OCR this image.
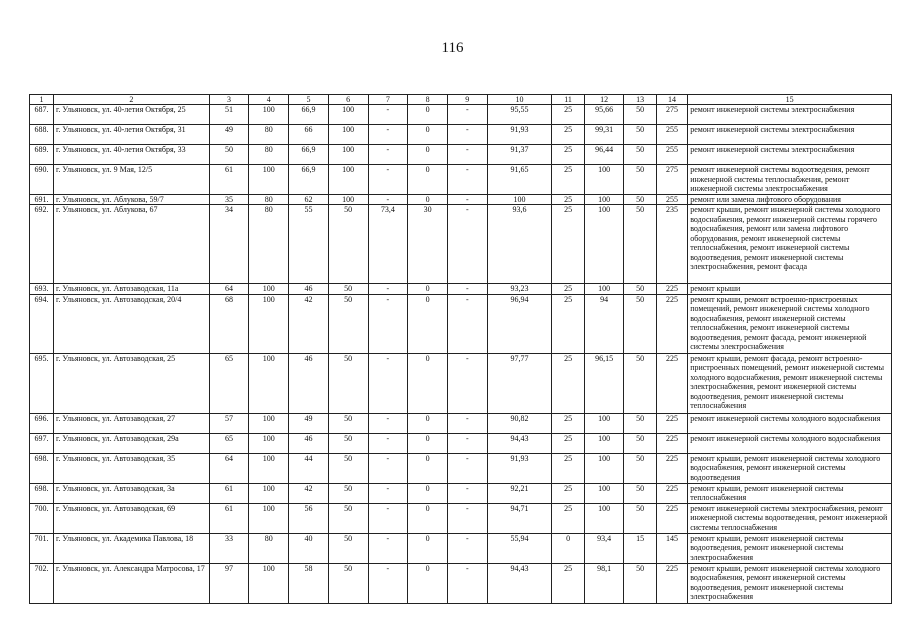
116
1	2	3	4	5	6	7	8	9	10	11	12	13	14	15
687.	г. Ульяновск, ул. 40-летия Октября, 25	51	100	66,9	100	-	0	-	95,55	25	95,66	50	275	ремонт инженерной системы электроснабжения
688.	г. Ульяновск, ул. 40-летия Октября, 31	49	80	66	100	-	0	-	91,93	25	99,31	50	255	ремонт инженерной системы электроснабжения
689.	г. Ульяновск, ул. 40-летия Октября, 33	50	80	66,9	100	-	0	-	91,37	25	96,44	50	255	ремонт инженерной системы электроснабжения
690.	г. Ульяновск, ул. 9 Мая, 12/5	61	100	66,9	100	-	0	-	91,65	25	100	50	275	ремонт инженерной системы водоотведения, ремонт инженерной системы теплоснабжения, ремонт инженерной системы электроснабжения
691.	г. Ульяновск, ул. Аблукова, 59/7	35	80	62	100	-	0	-	100	25	100	50	255	ремонт или замена лифтового оборудования
692.	г. Ульяновск, ул. Аблукова, 67	34	80	55	50	73,4	30	-	93,6	25	100	50	235	ремонт крыши, ремонт инженерной системы холодного водоснабжения, ремонт инженерной системы горячего водоснабжения, ремонт или замена лифтового оборудования, ремонт инженерной системы теплоснабжения, ремонт инженерной системы водоотведения, ремонт инженерной системы электроснабжения, ремонт фасада
693.	г. Ульяновск, ул. Автозаводская, 11а	64	100	46	50	-	0	-	93,23	25	100	50	225	ремонт крыши
694.	г. Ульяновск, ул. Автозаводская, 20/4	68	100	42	50	-	0	-	96,94	25	94	50	225	ремонт крыши, ремонт встроенно-пристроенных помещений, ремонт инженерной системы холодного водоснабжения, ремонт инженерной системы теплоснабжения, ремонт инженерной системы водоотведения, ремонт фасада, ремонт инженерной системы электроснабжения
695.	г. Ульяновск, ул. Автозаводская, 25	65	100	46	50	-	0	-	97,77	25	96,15	50	225	ремонт крыши, ремонт фасада, ремонт встроенно-пристроенных помещений, ремонт инженерной системы холодного водоснабжения, ремонт инженерной системы электроснабжения, ремонт инженерной системы водоотведения, ремонт инженерной системы теплоснабжения
696.	г. Ульяновск, ул. Автозаводская, 27	57	100	49	50	-	0	-	90,82	25	100	50	225	ремонт инженерной системы холодного водоснабжения
697.	г. Ульяновск, ул. Автозаводская, 29а	65	100	46	50	-	0	-	94,43	25	100	50	225	ремонт инженерной системы холодного водоснабжения
698.	г. Ульяновск, ул. Автозаводская, 35	64	100	44	50	-	0	-	91,93	25	100	50	225	ремонт крыши, ремонт инженерной системы холодного водоснабжения, ремонт инженерной системы водоотведения
698.	г. Ульяновск, ул. Автозаводская, 3а	61	100	42	50	-	0	-	92,21	25	100	50	225	ремонт крыши, ремонт инженерной системы теплоснабжения
700.	г. Ульяновск, ул. Автозаводская, 69	61	100	56	50	-	0	-	94,71	25	100	50	225	ремонт инженерной системы электроснабжения, ремонт инженерной системы водоотведения, ремонт инженерной системы теплоснабжения
701.	г. Ульяновск, ул. Академика Павлова, 18	33	80	40	50	-	0	-	55,94	0	93,4	15	145	ремонт крыши, ремонт инженерной системы водоотведения, ремонт инженерной системы электроснабжения
702.	г. Ульяновск, ул. Александра Матросова, 17	97	100	58	50	-	0	-	94,43	25	98,1	50	225	ремонт крыши, ремонт инженерной системы холодного водоснабжения, ремонт инженерной системы водоотведения, ремонт инженерной системы электроснабжения
